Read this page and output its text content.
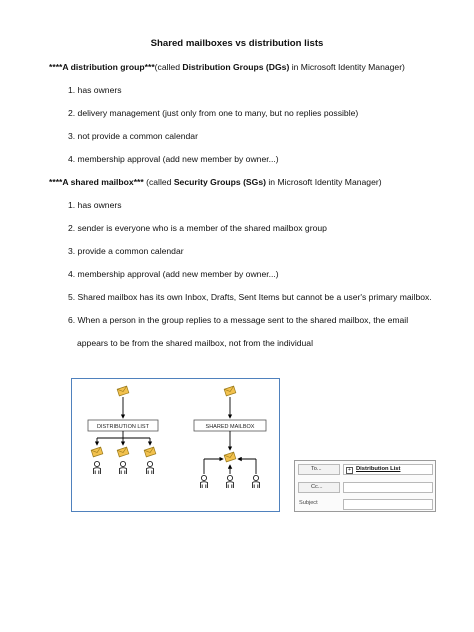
Shared mailboxes vs distribution lists
****A distribution group***(called Distribution Groups (DGs) in Microsoft Identity Manager)
1. has owners
2. delivery management (just only from one to many, but no replies possible)
3. not provide a common calendar
4. membership approval (add new member by owner...)
****A shared mailbox*** (called Security Groups (SGs) in Microsoft Identity Manager)
1. has owners
2. sender is everyone who is a member of the shared mailbox group
3. provide a common calendar
4. membership approval (add new member by owner...)
5. Shared mailbox has its own Inbox, Drafts, Sent Items but cannot be a user's primary mailbox.
6. When a person in the group replies to a message sent to the shared mailbox, the email
appears to be from the shared mailbox, not from the individual
DISTRIBUTION LIST	SHARED MAILBOX
To...	+ Distribution List
Cc...
Subject
